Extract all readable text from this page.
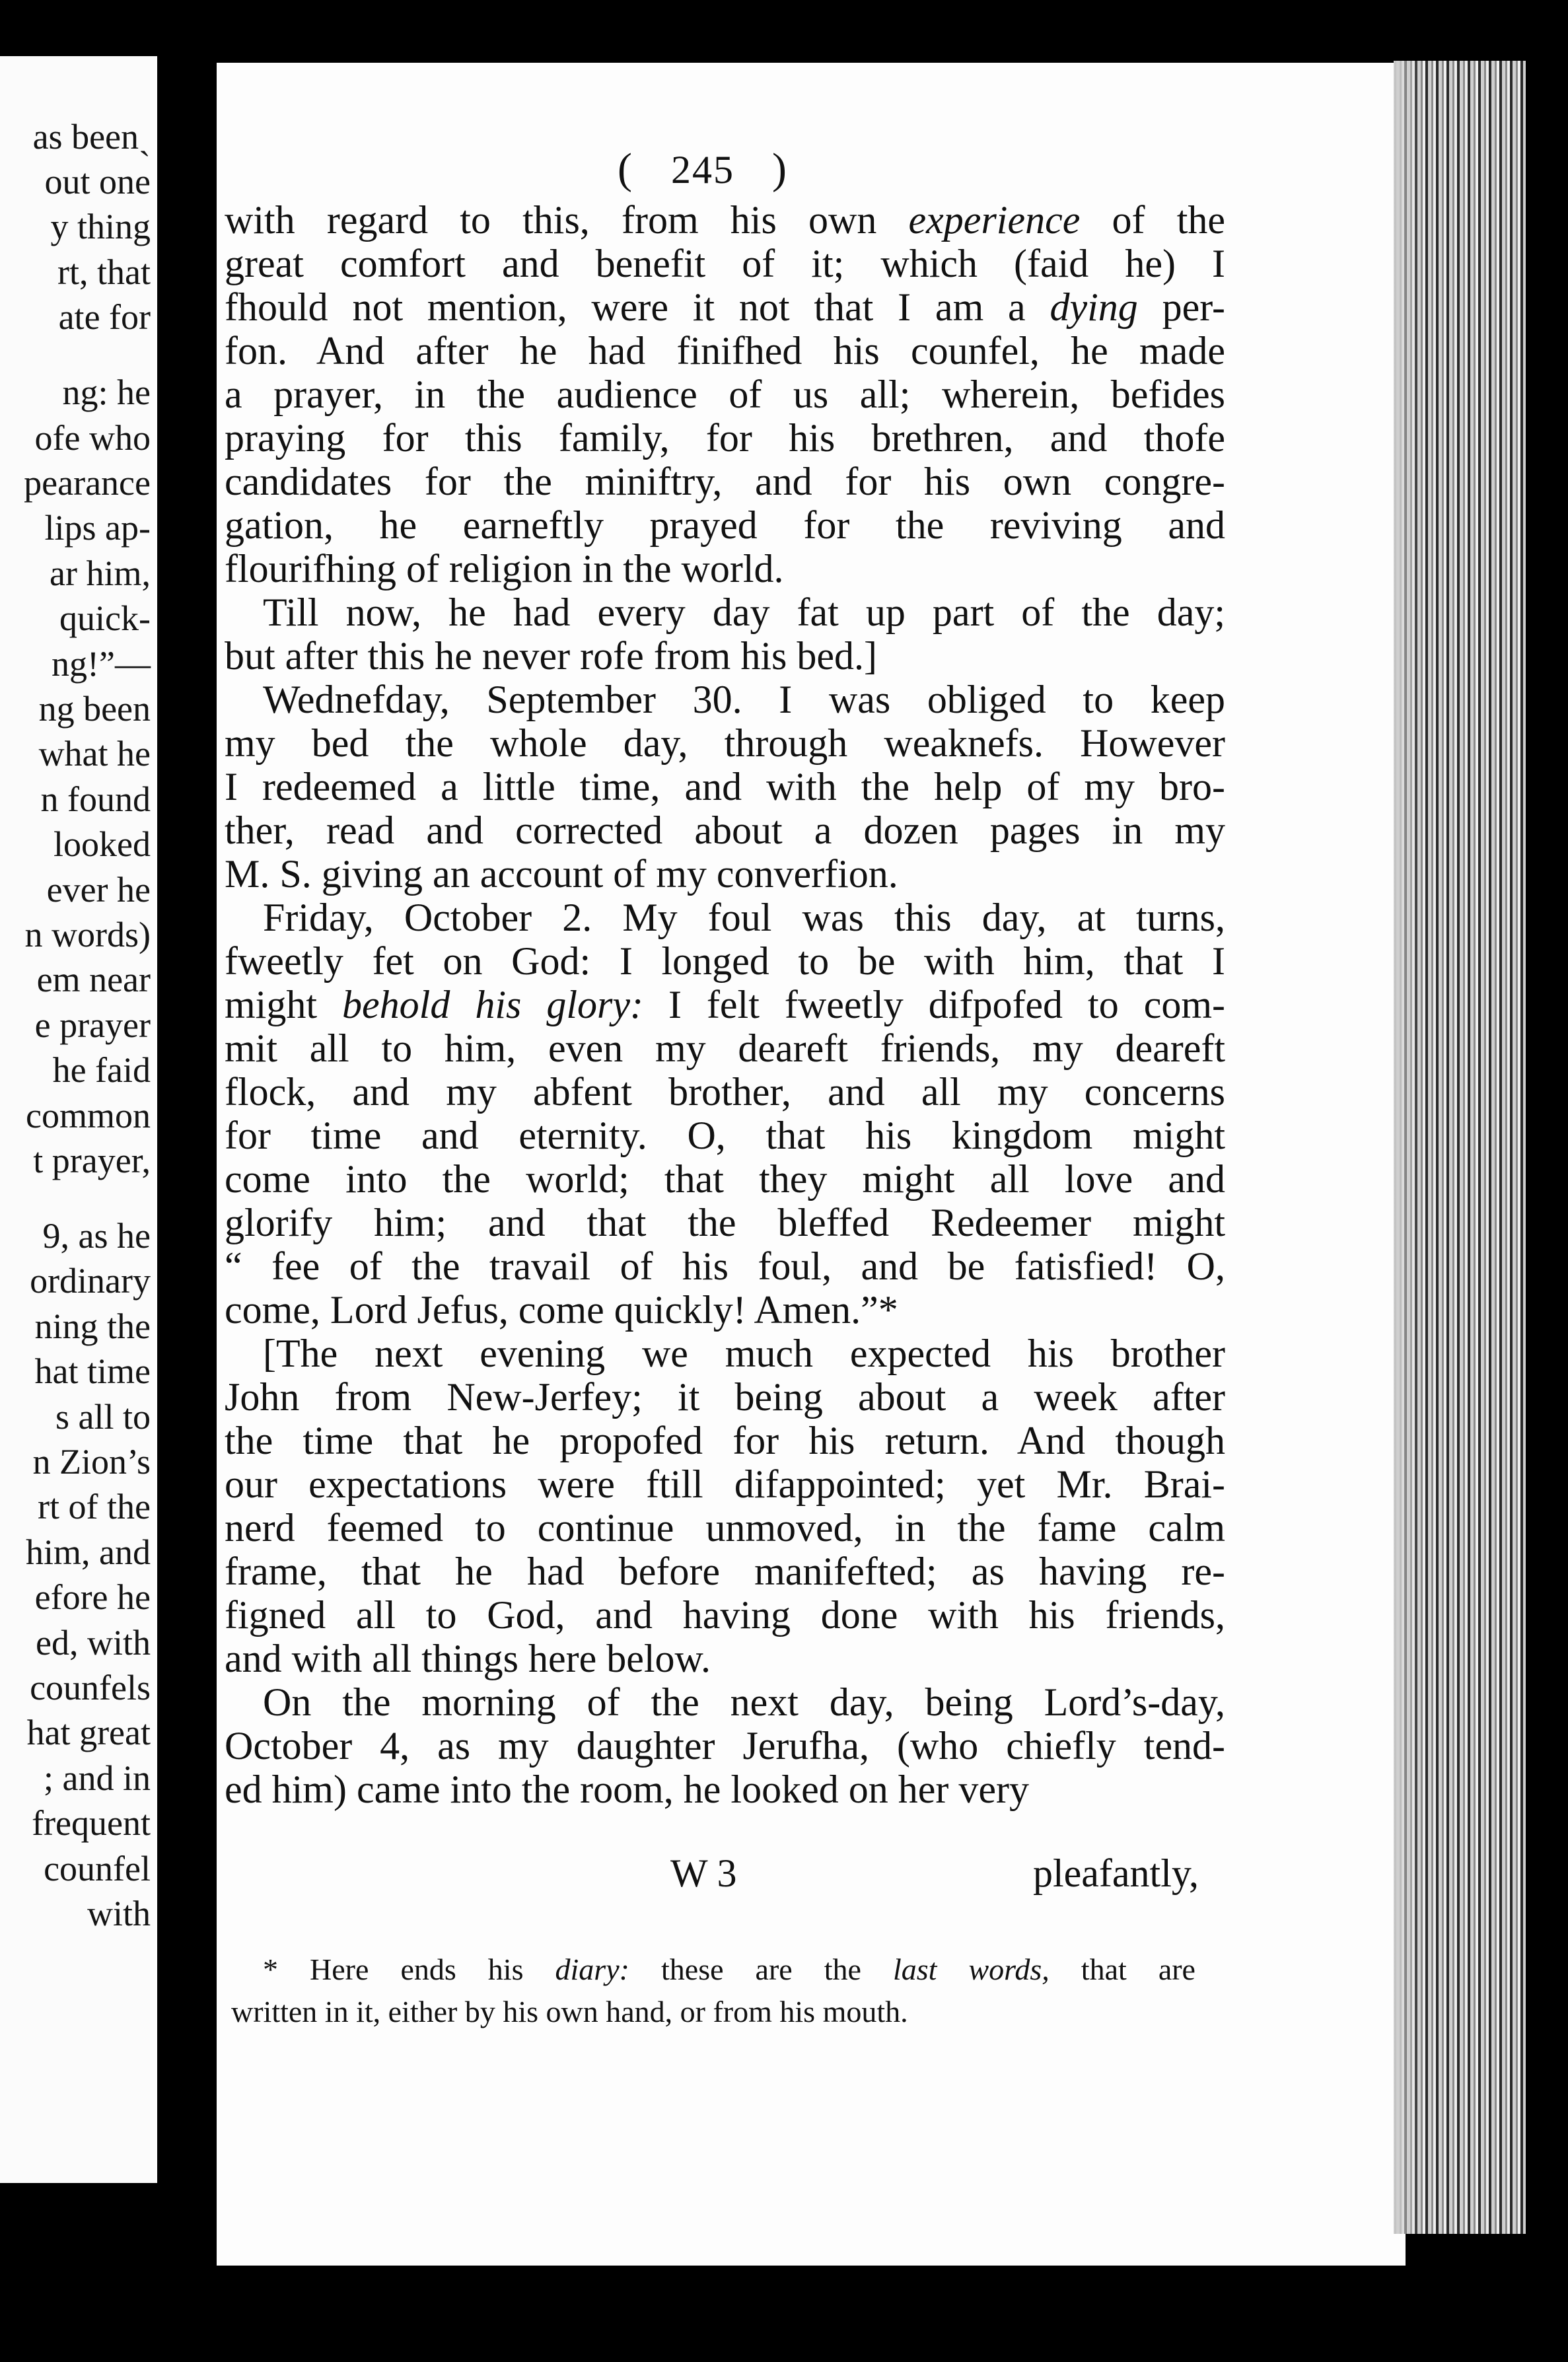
as beenˎ
out one
y thing
rt, that
ate for
ng: he
ofe who
pearance
lips ap-
ar him,
quick-
ng!”—
ng been
what he
n found
looked
ever he
n words)
em near
e prayer
he faid
common
t prayer,
9, as he
ordinary
ning the
hat time
s all to
n Zion’s
rt of the
him, and
efore he
ed, with
counfels
hat great
; and in
frequent
counfel
with
( 245 )
with regard to this, from his own experience of the
great comfort and benefit of it; which (faid he) I
fhould not mention, were it not that I am a dying per-
fon. And after he had finifhed his counfel, he made
a prayer, in the audience of us all; wherein, befides
praying for this family, for his brethren, and thofe
candidates for the miniftry, and for his own congre-
gation, he earneftly prayed for the reviving and
flourifhing of religion in the world.
Till now, he had every day fat up part of the day;
but after this he never rofe from his bed.]
Wednefday, September 30. I was obliged to keep
my bed the whole day, through weaknefs. However
I redeemed a little time, and with the help of my bro-
ther, read and corrected about a dozen pages in my
M. S. giving an account of my converfion.
Friday, October 2. My foul was this day, at turns,
fweetly fet on God: I longed to be with him, that I
might behold his glory: I felt fweetly difpofed to com-
mit all to him, even my deareft friends, my deareft
flock, and my abfent brother, and all my concerns
for time and eternity. O, that his kingdom might
come into the world; that they might all love and
glorify him; and that the bleffed Redeemer might
“ fee of the travail of his foul, and be fatisfied! O,
come, Lord Jefus, come quickly! Amen.”*
[The next evening we much expected his brother
John from New-Jerfey; it being about a week after
the time that he propofed for his return. And though
our expectations were ftill difappointed; yet Mr. Brai-
nerd feemed to continue unmoved, in the fame calm
frame, that he had before manifefted; as having re-
figned all to God, and having done with his friends,
and with all things here below.
On the morning of the next day, being Lord’s-day,
October 4, as my daughter Jerufha, (who chiefly tend-
ed him) came into the room, he looked on her very
W 3	pleafantly,
* Here ends his diary: these are the last words, that are
written in it, either by his own hand, or from his mouth.
